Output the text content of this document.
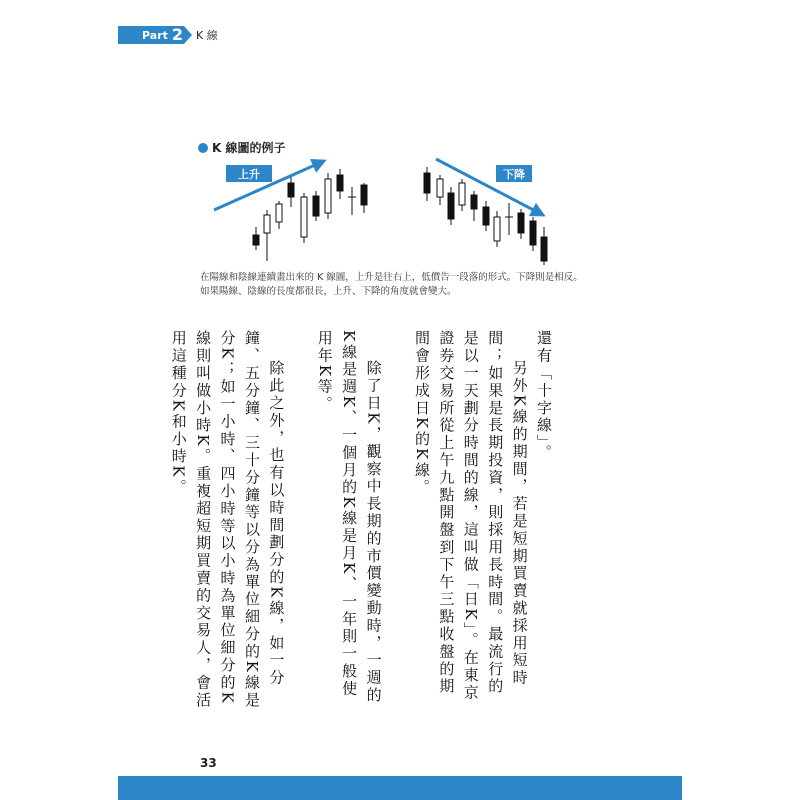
Part 2 K 線
K 線圖的例子
上升	下降
在陽線和陰線連續畫出來的 K 線圖，上升是往右上，低價告一段落的形式。下降則是相反。如果陽線、陰線的長度都很長，上升、下降的角度就會變大。

還有「十字線」。

另外K線的期間，若是短期買賣就採用短時間；如果是長期投資，則採用長時間。最流行的是以一天劃分時間的線，這叫做「日K」。在東京證券交易所從上午九點開盤到下午三點收盤的期間會形成日K的K線。

除了日K，觀察中長期的市價變動時，一週的K線是週K、一個月的K線是月K、一年則一般使用年K等。

除此之外，也有以時間劃分的K線，如一分鐘、五分鐘、三十分鐘等以分為單位細分的K線是分K；如一小時、四小時等以小時為單位細分的K線則叫做小時K。重複超短期買賣的交易人，會活用這種分K和小時K。

33
